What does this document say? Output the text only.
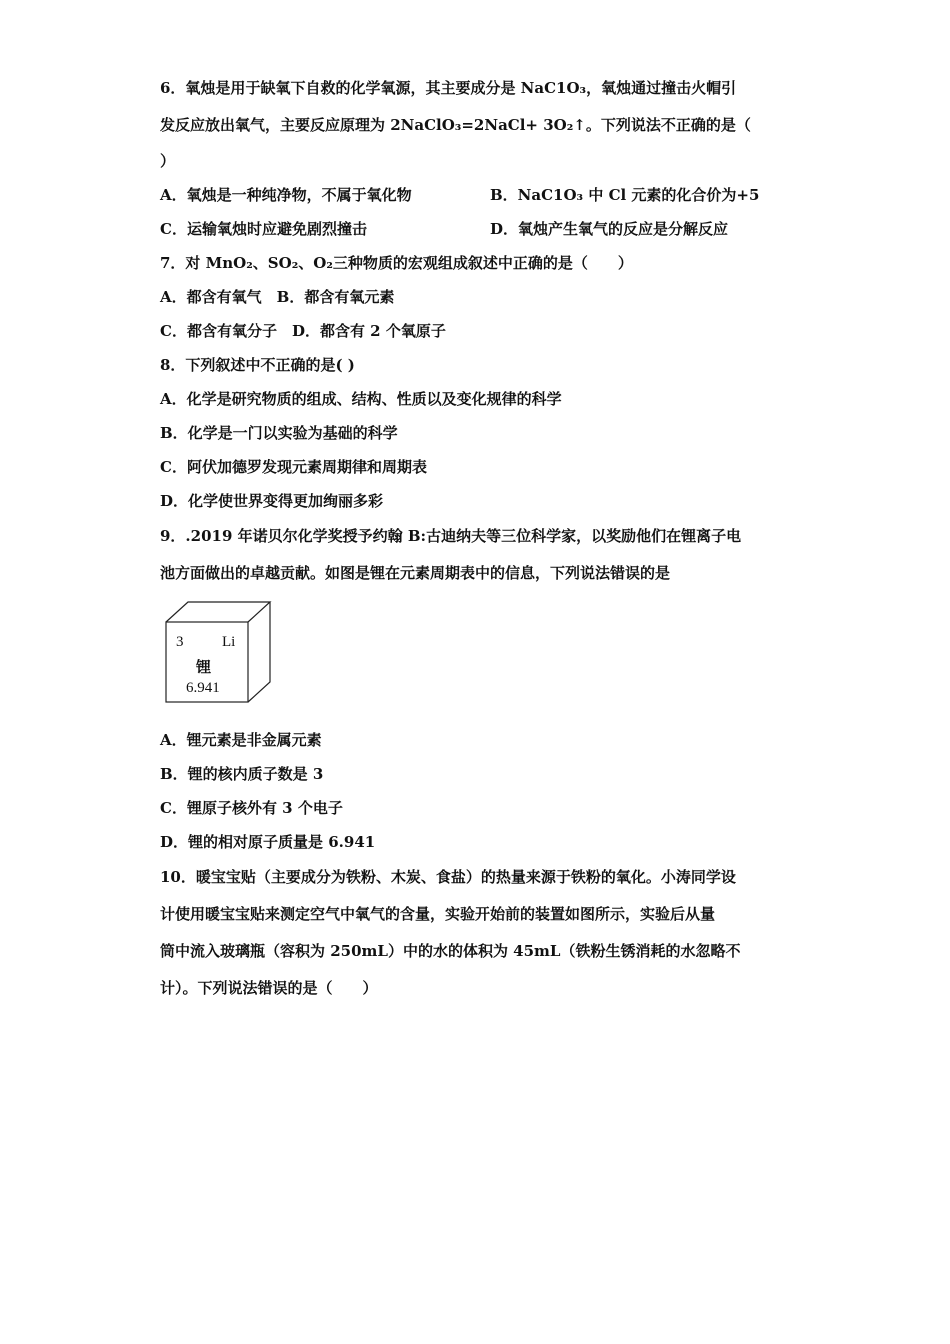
6．氧烛是用于缺氧下自救的化学氧源，其主要成分是 NaC1O₃，氧烛通过撞击火帽引
发反应放出氧气，主要反应原理为 2NaClO₃=2NaCl+ 3O₂↑。下列说法不正确的是（
）
A．氧烛是一种纯净物，不属于氧化物	B．NaC1O₃ 中 Cl 元素的化合价为+5
C．运输氧烛时应避免剧烈撞击	D．氧烛产生氧气的反应是分解反应
7．对 MnO₂、SO₂、O₂三种物质的宏观组成叙述中正确的是（　　）
A．都含有氧气　B．都含有氧元素
C．都含有氧分子　D．都含有 2 个氧原子
8．下列叙述中不正确的是( )
A．化学是研究物质的组成、结构、性质以及变化规律的科学
B．化学是一门以实验为基础的科学
C．阿伏加德罗发现元素周期律和周期表
D．化学使世界变得更加绚丽多彩
9．.2019 年诺贝尔化学奖授予约翰 B:古迪纳夫等三位科学家，以奖励他们在锂离子电
池方面做出的卓越贡献。如图是锂在元素周期表中的信息，下列说法错误的是
3	Li
锂
6.941
A．锂元素是非金属元素
B．锂的核内质子数是 3
C．锂原子核外有 3 个电子
D．锂的相对原子质量是 6.941
10．暖宝宝贴（主要成分为铁粉、木炭、食盐）的热量来源于铁粉的氧化。小涛同学设
计使用暖宝宝贴来测定空气中氧气的含量，实验开始前的装置如图所示，实验后从量
筒中流入玻璃瓶（容积为 250mL）中的水的体积为 45mL（铁粉生锈消耗的水忽略不
计）。下列说法错误的是（　　）
